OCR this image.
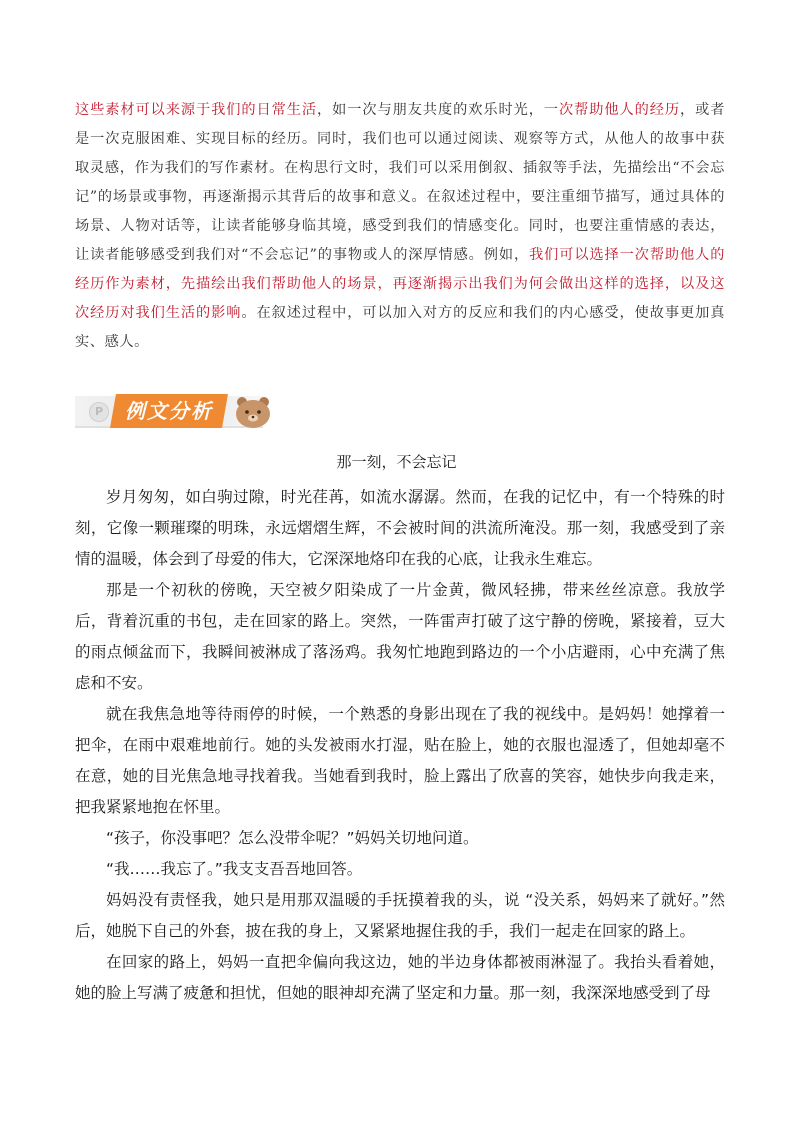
这些素材可以来源于我们的日常生活，如一次与朋友共度的欢乐时光，一次帮助他人的经历，或者是一次克服困难、实现目标的经历。同时，我们也可以通过阅读、观察等方式，从他人的故事中获取灵感，作为我们的写作素材。在构思行文时，我们可以采用倒叙、插叙等手法，先描绘出“不会忘记”的场景或事物，再逐渐揭示其背后的故事和意义。在叙述过程中，要注重细节描写，通过具体的场景、人物对话等，让读者能够身临其境，感受到我们的情感变化。同时，也要注重情感的表达，让读者能够感受到我们对“不会忘记”的事物或人的深厚情感。例如，我们可以选择一次帮助他人的经历作为素材，先描绘出我们帮助他人的场景，再逐渐揭示出我们为何会做出这样的选择，以及这次经历对我们生活的影响。在叙述过程中，可以加入对方的反应和我们的内心感受，使故事更加真实、感人。
P	例文分析
那一刻，不会忘记

岁月匆匆，如白驹过隙，时光荏苒，如流水潺潺。然而，在我的记忆中，有一个特殊的时刻，它像一颗璀璨的明珠，永远熠熠生辉，不会被时间的洪流所淹没。那一刻，我感受到了亲情的温暖，体会到了母爱的伟大，它深深地烙印在我的心底，让我永生难忘。

那是一个初秋的傍晚，天空被夕阳染成了一片金黄，微风轻拂，带来丝丝凉意。我放学后，背着沉重的书包，走在回家的路上。突然，一阵雷声打破了这宁静的傍晚，紧接着，豆大的雨点倾盆而下，我瞬间被淋成了落汤鸡。我匆忙地跑到路边的一个小店避雨，心中充满了焦虑和不安。

就在我焦急地等待雨停的时候，一个熟悉的身影出现在了我的视线中。是妈妈！她撑着一把伞，在雨中艰难地前行。她的头发被雨水打湿，贴在脸上，她的衣服也湿透了，但她却毫不在意，她的目光焦急地寻找着我。当她看到我时，脸上露出了欣喜的笑容，她快步向我走来，把我紧紧地抱在怀里。

“孩子，你没事吧？怎么没带伞呢？”妈妈关切地问道。

“我……我忘了。”我支支吾吾地回答。

妈妈没有责怪我，她只是用那双温暖的手抚摸着我的头，说 “没关系，妈妈来了就好。”然后，她脱下自己的外套，披在我的身上，又紧紧地握住我的手，我们一起走在回家的路上。

在回家的路上，妈妈一直把伞偏向我这边，她的半边身体都被雨淋湿了。我抬头看着她，她的脸上写满了疲惫和担忧，但她的眼神却充满了坚定和力量。那一刻，我深深地感受到了母
